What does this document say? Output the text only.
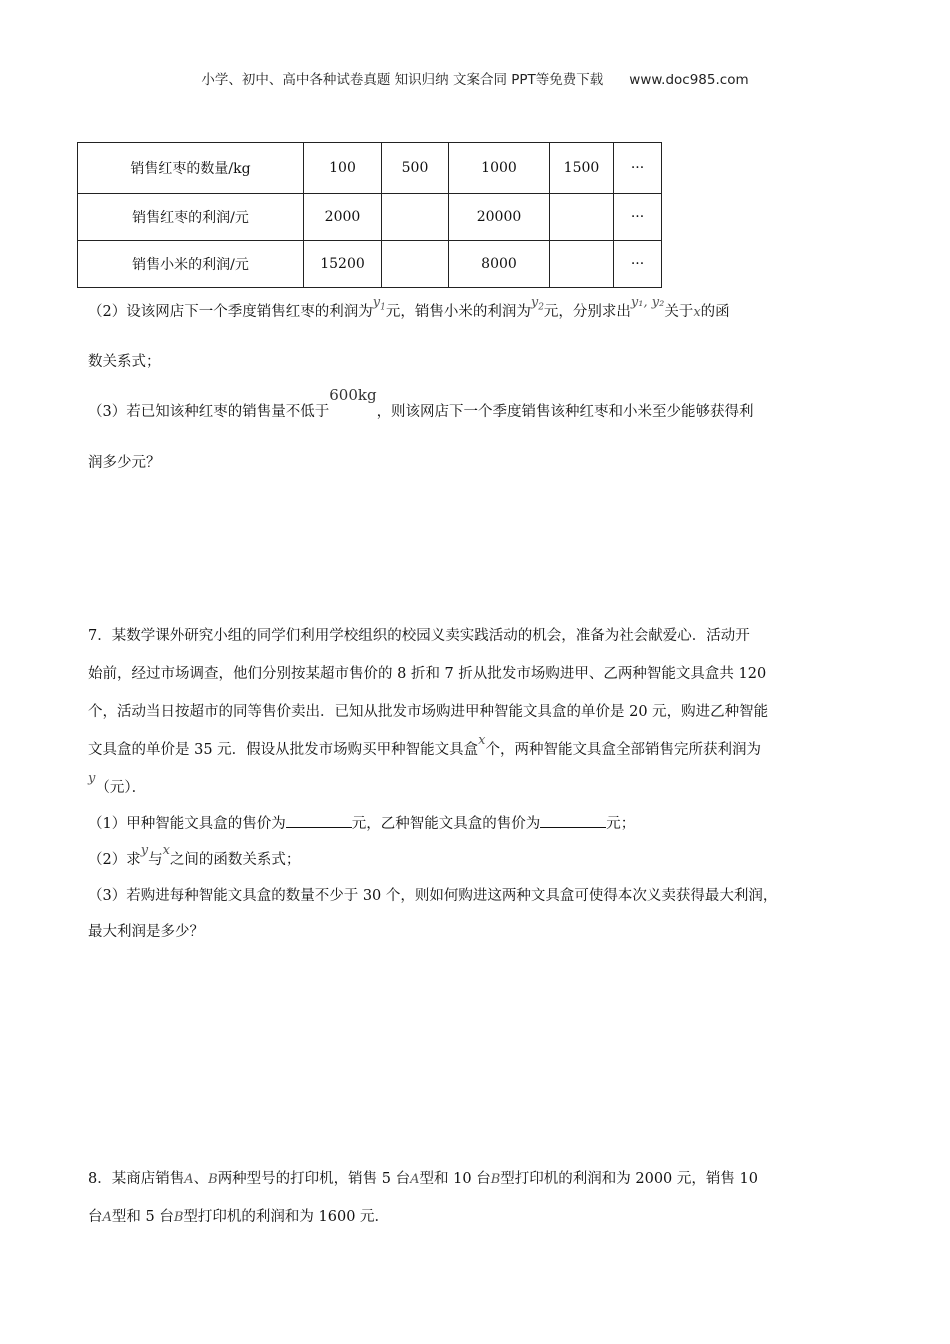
小学、初中、高中各种试卷真题 知识归纳 文案合同 PPT等免费下载 www.doc985.com
销售红枣的数量/kg	100	500	1000	1500	···
销售红枣的利润/元	2000		20000		···
销售小米的利润/元	15200		8000		···
（2）设该网店下一个季度销售红枣的利润为$y_1$元，销售小米的利润为$y_2$元，分别求出y₁, y₂关于x的函
数关系式；
（3）若已知该种红枣的销售量不低于600kg，则该网店下一个季度销售该种红枣和小米至少能够获得利
润多少元？
7．某数学课外研究小组的同学们利用学校组织的校园义卖实践活动的机会，准备为社会献爱心．活动开
始前，经过市场调查，他们分别按某超市售价的 8 折和 7 折从批发市场购进甲、乙两种智能文具盒共 120
个，活动当日按超市的同等售价卖出．已知从批发市场购进甲种智能文具盒的单价是 20 元，购进乙种智能
文具盒的单价是 35 元．假设从批发市场购买甲种智能文具盒x个，两种智能文具盒全部销售完所获利润为
y（元）．
（1）甲种智能文具盒的售价为	元，乙种智能文具盒的售价为	元；
（2）求y与x之间的函数关系式；
（3）若购进每种智能文具盒的数量不少于 30 个，则如何购进这两种文具盒可使得本次义卖获得最大利润，
最大利润是多少？
8．某商店销售A、B两种型号的打印机，销售 5 台A型和 10 台B型打印机的利润和为 2000 元，销售 10
台A型和 5 台B型打印机的利润和为 1600 元．
